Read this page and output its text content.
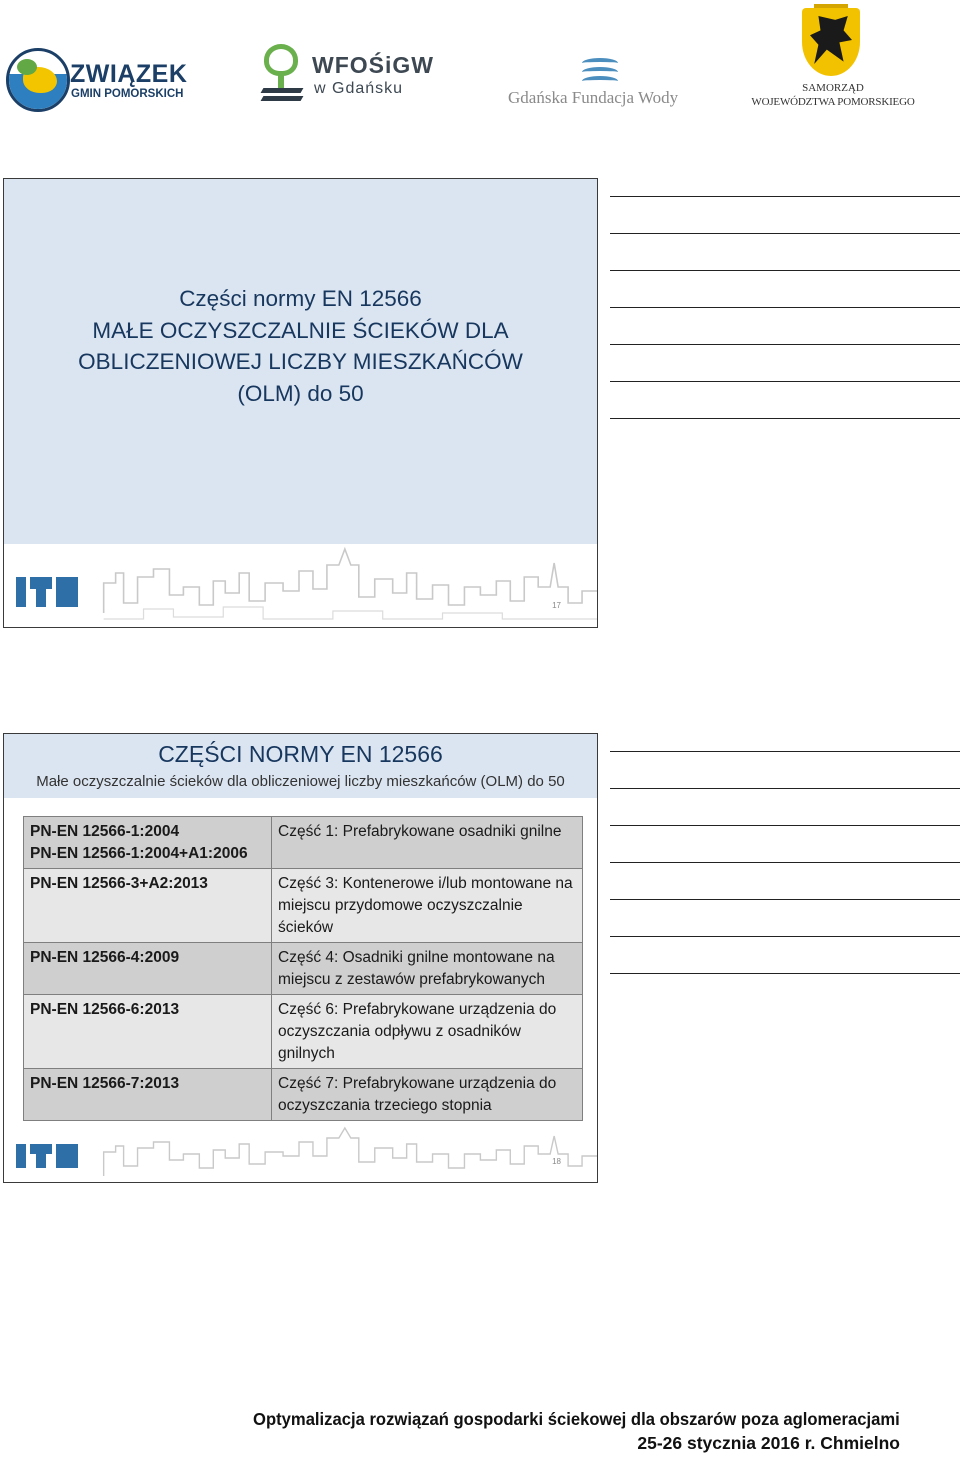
ZWIĄZEK
GMIN POMORSKICH
WFOŚiGW
w Gdańsku	Gdańska Fundacja Wody	SAMORZĄD
WOJEWÓDZTWA POMORSKIEGO
Części normy EN 12566
MAŁE OCZYSZCZALNIE ŚCIEKÓW DLA
OBLICZENIOWEJ LICZBY MIESZKAŃCÓW
(OLM) do 50
17
CZĘŚCI NORMY EN 12566
Małe oczyszczalnie ścieków dla obliczeniowej liczby mieszkańców (OLM) do 50
PN-EN 12566-1:2004
PN-EN 12566-1:2004+A1:2006	Część 1: Prefabrykowane osadniki gnilne

PN-EN 12566-3+A2:2013	Część 3: Kontenerowe i/lub montowane na miejscu przydomowe oczyszczalnie ścieków

PN-EN 12566-4:2009	Część 4: Osadniki gnilne montowane na miejscu z zestawów prefabrykowanych

PN-EN 12566-6:2013	Część 6: Prefabrykowane urządzenia do oczyszczania odpływu z osadników gnilnych

PN-EN 12566-7:2013	Część 7: Prefabrykowane urządzenia do oczyszczania trzeciego stopnia
18
Optymalizacja rozwiązań gospodarki ściekowej dla obszarów poza aglomeracjami
25-26 stycznia 2016 r. Chmielno
